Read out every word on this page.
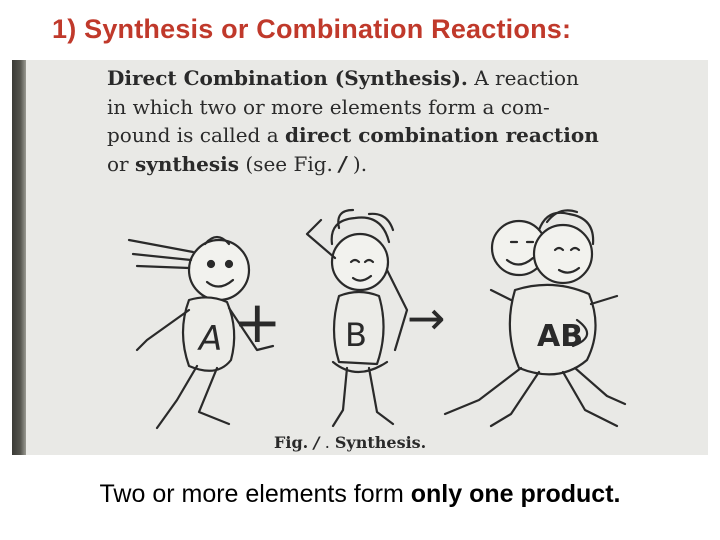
1) Synthesis or Combination Reactions:
Direct Combination (Synthesis). A reaction
in which two or more elements form a com-
pound is called a direct combination reaction
or synthesis (see Fig. / ).
A + B →	AB
Fig. / . Synthesis.
Two or more elements form only one product.
